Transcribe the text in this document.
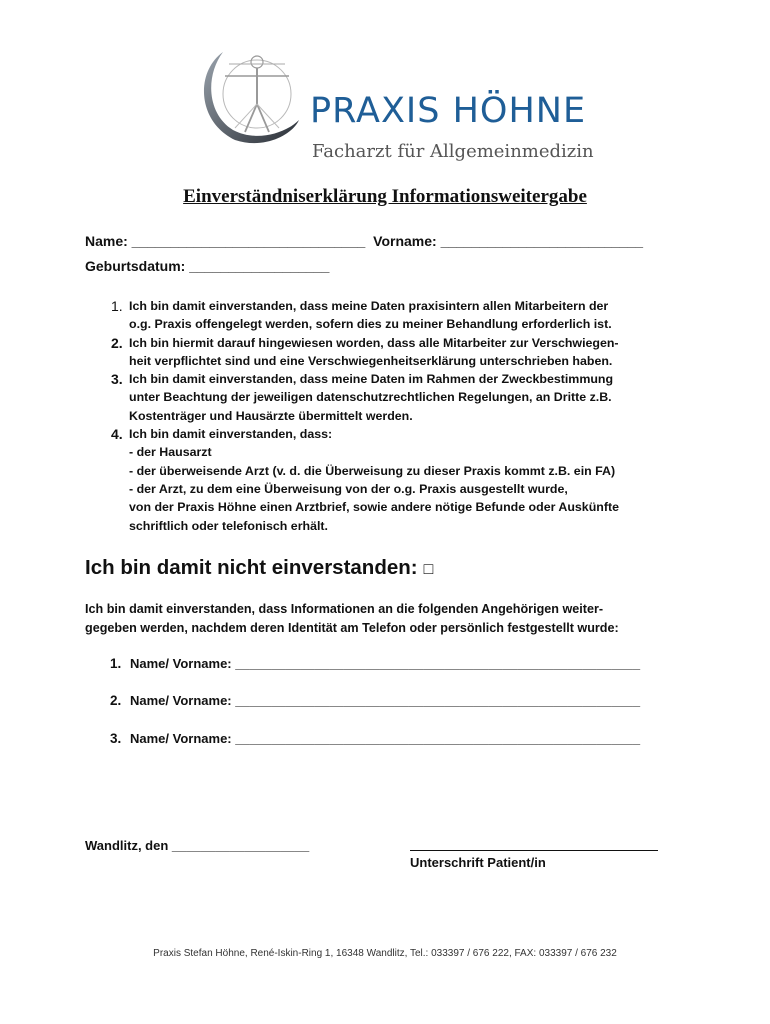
PRAXIS HÖHNE
Facharzt für Allgemeinmedizin
Einverständniserklärung Informationsweitergabe
Name: ______________________________ Vorname: __________________________
Geburtsdatum: __________________
1. Ich bin damit einverstanden, dass meine Daten praxisintern allen Mitarbeitern der
o.g. Praxis offengelegt werden, sofern dies zu meiner Behandlung erforderlich ist.
2. Ich bin hiermit darauf hingewiesen worden, dass alle Mitarbeiter zur Verschwiegen-
heit verpflichtet sind und eine Verschwiegenheitserklärung unterschrieben haben.
3. Ich bin damit einverstanden, dass meine Daten im Rahmen der Zweckbestimmung
unter Beachtung der jeweiligen datenschutzrechtlichen Regelungen, an Dritte z.B.
Kostenträger und Hausärzte übermittelt werden.
4. Ich bin damit einverstanden, dass:
- der Hausarzt
- der überweisende Arzt (v. d. die Überweisung zu dieser Praxis kommt z.B. ein FA)
- der Arzt, zu dem eine Überweisung von der o.g. Praxis ausgestellt wurde,
von der Praxis Höhne einen Arztbrief, sowie andere nötige Befunde oder Auskünfte
schriftlich oder telefonisch erhält.
Ich bin damit nicht einverstanden: □
Ich bin damit einverstanden, dass Informationen an die folgenden Angehörigen weiter-
gegeben werden, nachdem deren Identität am Telefon oder persönlich festgestellt wurde:
1. Name/ Vorname: ________________________________________________________
2. Name/ Vorname: ________________________________________________________
3. Name/ Vorname: ________________________________________________________
Wandlitz, den ___________________
Unterschrift Patient/in
Praxis Stefan Höhne, René-Iskin-Ring 1, 16348 Wandlitz, Tel.: 033397 / 676 222, FAX: 033397 / 676 232
